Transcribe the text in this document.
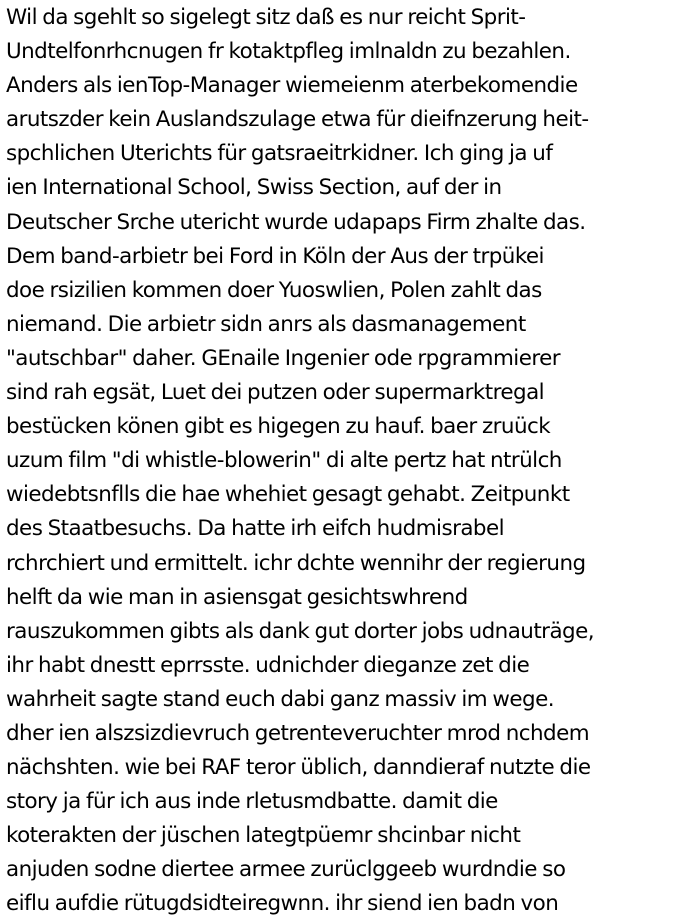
Wil da sgehlt so sigelegt sitz daß es nur reicht Sprit-
Undtelfonrhcnugen fr kotaktpfleg imlnaldn zu bezahlen.
Anders als ienTop-Manager wiemeienm aterbekomendie
arutszder kein Auslandszulage etwa für dieifnzerung heit-
spchlichen Uterichts für gatsraeitrkidner. Ich ging ja uf
ien International School, Swiss Section, auf der in
Deutscher Srche utericht wurde udapaps Firm zhalte das.
Dem band-arbietr bei Ford in Köln der Aus der trpükei
doe rsizilien kommen doer Yuoswlien, Polen zahlt das
niemand. Die arbietr sidn anrs als dasmanagement
"autschbar" daher. GEnaile Ingenier ode rpgrammierer
sind rah egsät, Luet dei putzen oder supermarktregal
bestücken könen gibt es higegen zu hauf. baer zruück
uzum film "di whistle-blowerin" di alte pertz hat ntrülch
wiedebtsnflls die hae whehiet gesagt gehabt. Zeitpunkt
des Staatbesuchs. Da hatte irh eifch hudmisrabel
rchrchiert und ermittelt. ichr dchte wennihr der regierung
helft da wie man in asiensgat gesichtswhrend
rauszukommen gibts als dank gut dorter jobs udnauträge,
ihr habt dnestt eprrsste. udnichder dieganze zet die
wahrheit sagte stand euch dabi ganz massiv im wege.
dher ien alszsizdievruch getrenteveruchter mrod nchdem
nächshten. wie bei RAF teror üblich, danndieraf nutzte die
story ja für ich aus inde rletusmdbatte. damit die
koterakten der jüschen lategtpüemr shcinbar nicht
anjuden sodne diertee armee zurüclggeeb wurdndie so
eiflu aufdie rütugdsidteiregwnn. ihr siend ien badn von
